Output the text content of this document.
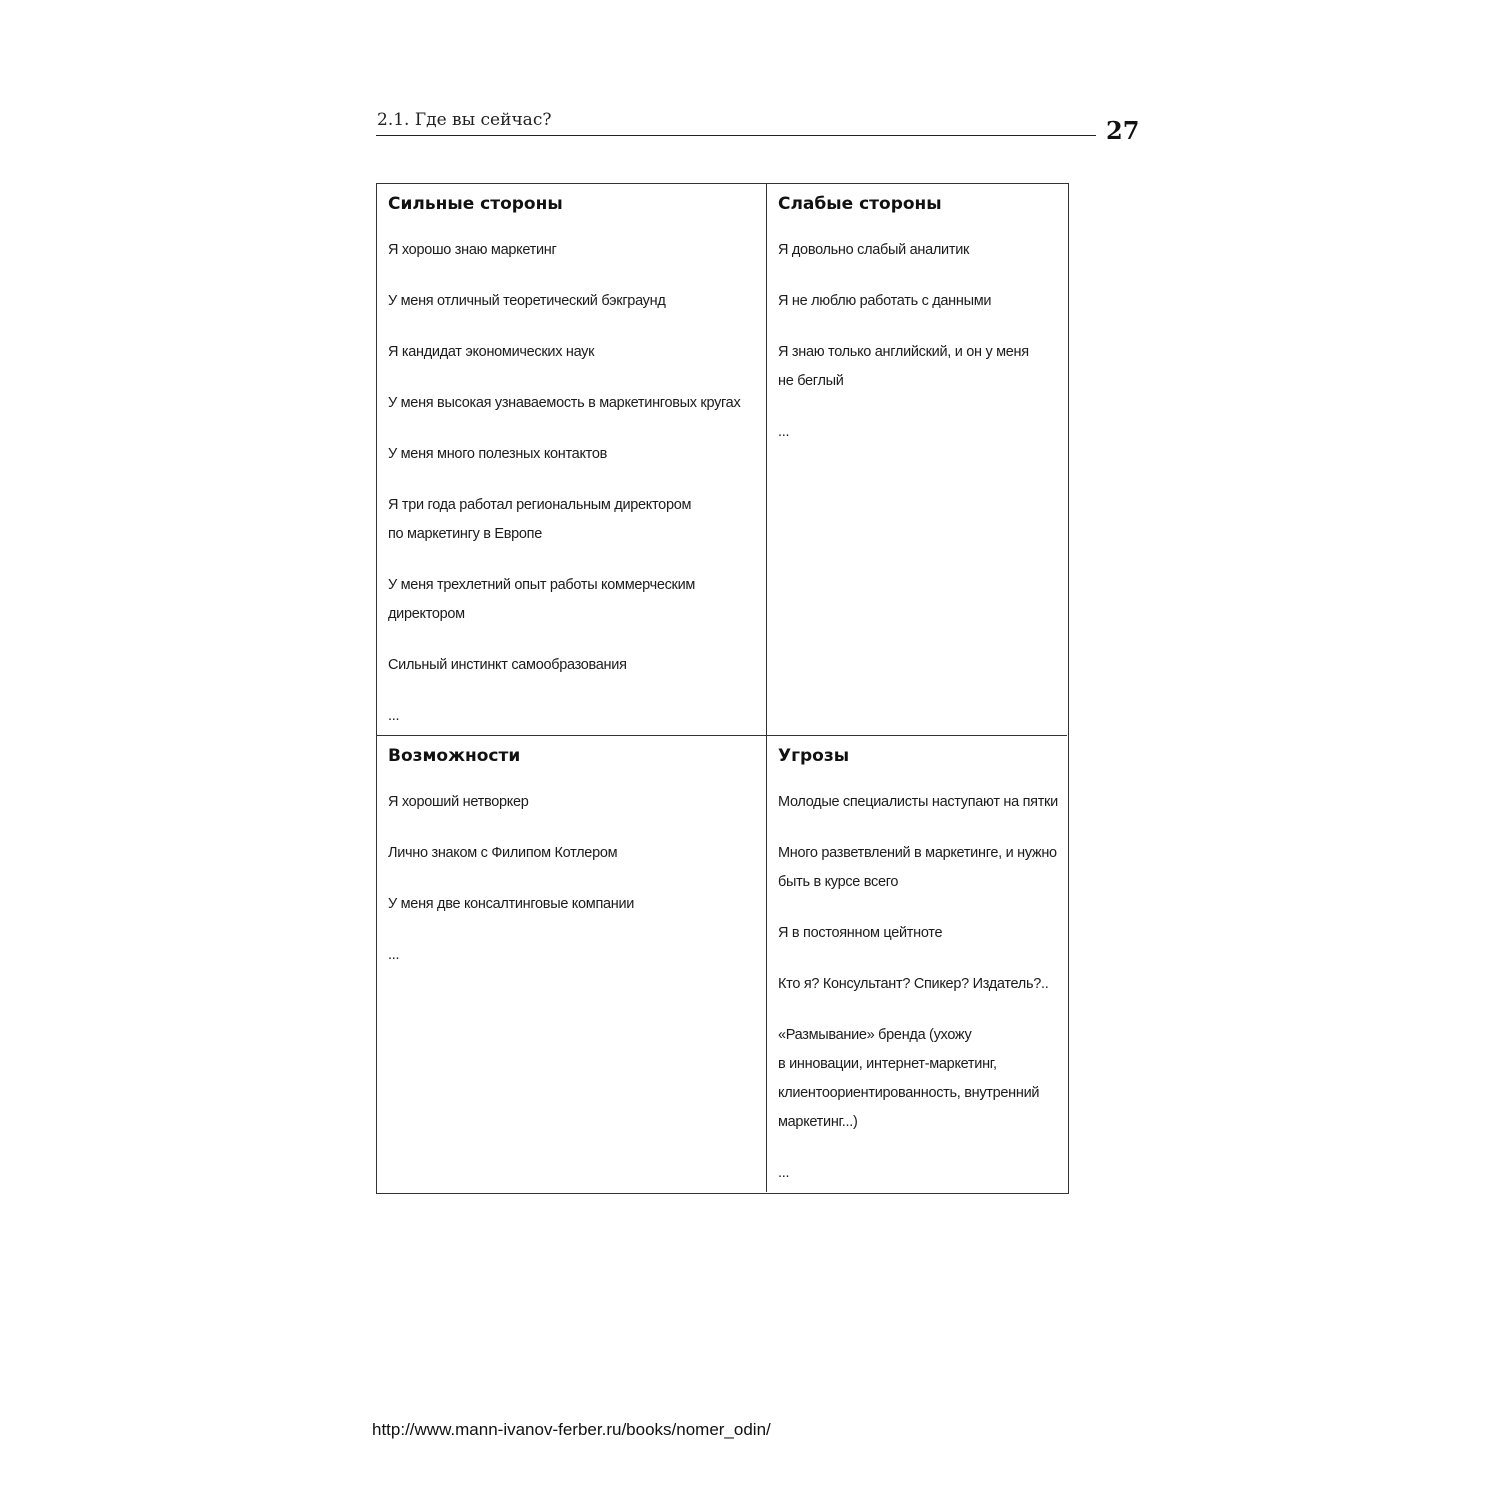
2.1. Где вы сейчас?	27
Сильные стороны
Я хорошо знаю маркетинг
У меня отличный теоретический бэкграунд
Я кандидат экономических наук
У меня высокая узнаваемость в маркетинговых кругах
У меня много полезных контактов
Я три года работал региональным директором
по маркетингу в Европе
У меня трехлетний опыт работы коммерческим
директором
Сильный инстинкт самообразования
...
Слабые стороны
Я довольно слабый аналитик
Я не люблю работать с данными
Я знаю только английский, и он у меня
не беглый
...
Возможности
Я хороший нетворкер
Лично знаком с Филипом Котлером
У меня две консалтинговые компании
...
Угрозы
Молодые специалисты наступают на пятки
Много разветвлений в маркетинге, и нужно
быть в курсе всего
Я в постоянном цейтноте
Кто я? Консультант? Спикер? Издатель?..
«Размывание» бренда (ухожу
в инновации, интернет-маркетинг,
клиентоориентированность, внутренний
маркетинг...)
...
http://www.mann-ivanov-ferber.ru/books/nomer_odin/
